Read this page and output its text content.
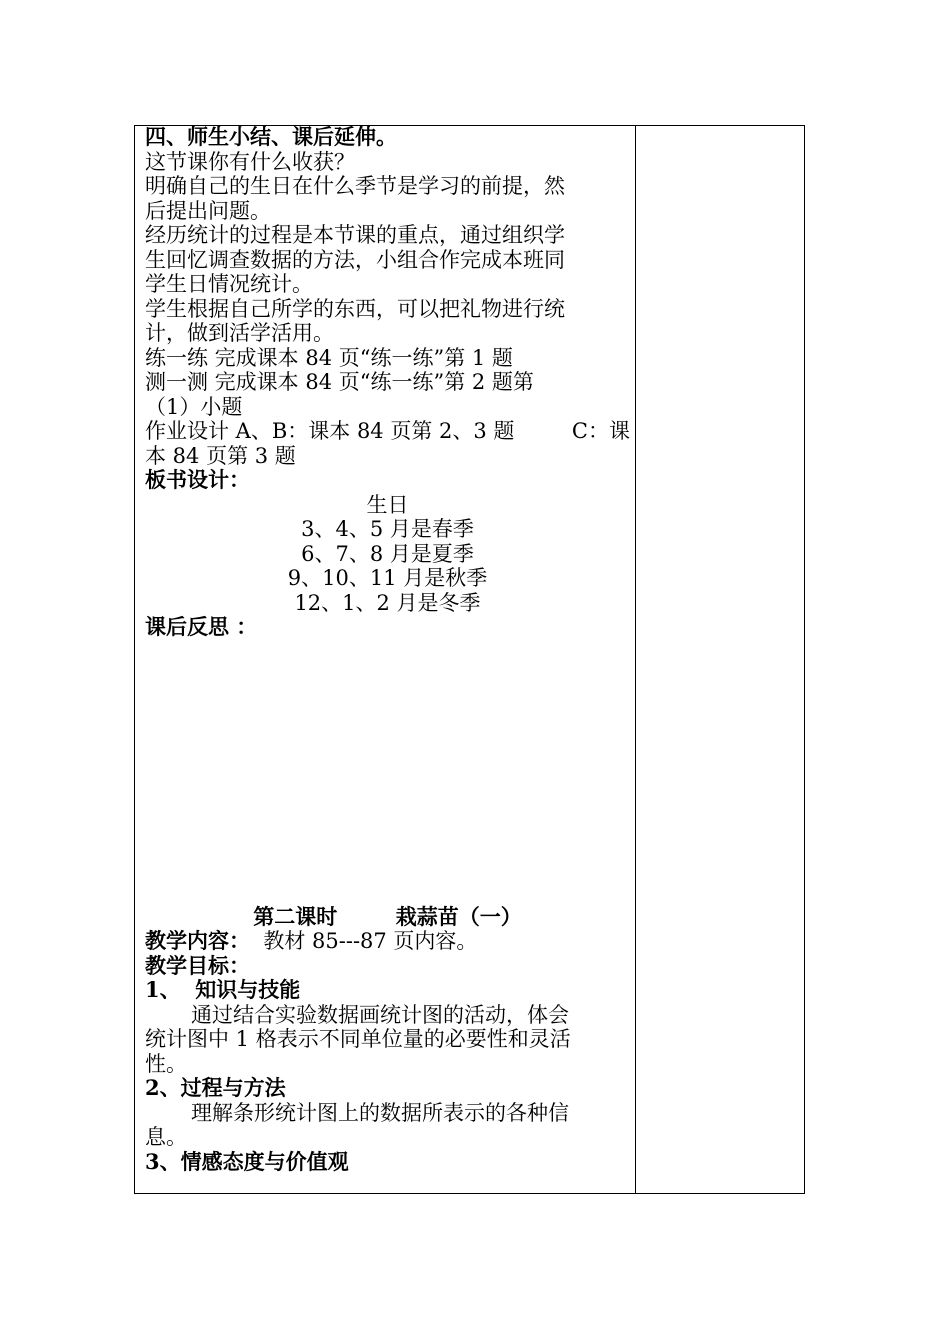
四、师生小结、课后延伸。
这节课你有什么收获？
明确自己的生日在什么季节是学习的前提，然
后提出问题。
经历统计的过程是本节课的重点，通过组织学
生回忆调查数据的方法，小组合作完成本班同
学生日情况统计。
学生根据自己所学的东西，可以把礼物进行统
计，做到活学活用。
练一练 完成课本 84 页“练一练”第 1 题
测一测 完成课本 84 页“练一练”第 2 题第
（1）小题
作业设计 A、B：课本 84 页第 2、3 题	C：课
本 84 页第 3 题
板书设计：
生日
3、4、5 月是春季
6、7、8 月是夏季
9、10、11 月是秋季
12、1、2 月是冬季
课后反思 ：
第二课时        栽蒜苗（一）
教学内容：  教材 85---87 页内容。
教学目标：
1、  知识与技能
通过结合实验数据画统计图的活动，体会
统计图中 1 格表示不同单位量的必要性和灵活
性。
2、过程与方法
理解条形统计图上的数据所表示的各种信
息。
3、情感态度与价值观
